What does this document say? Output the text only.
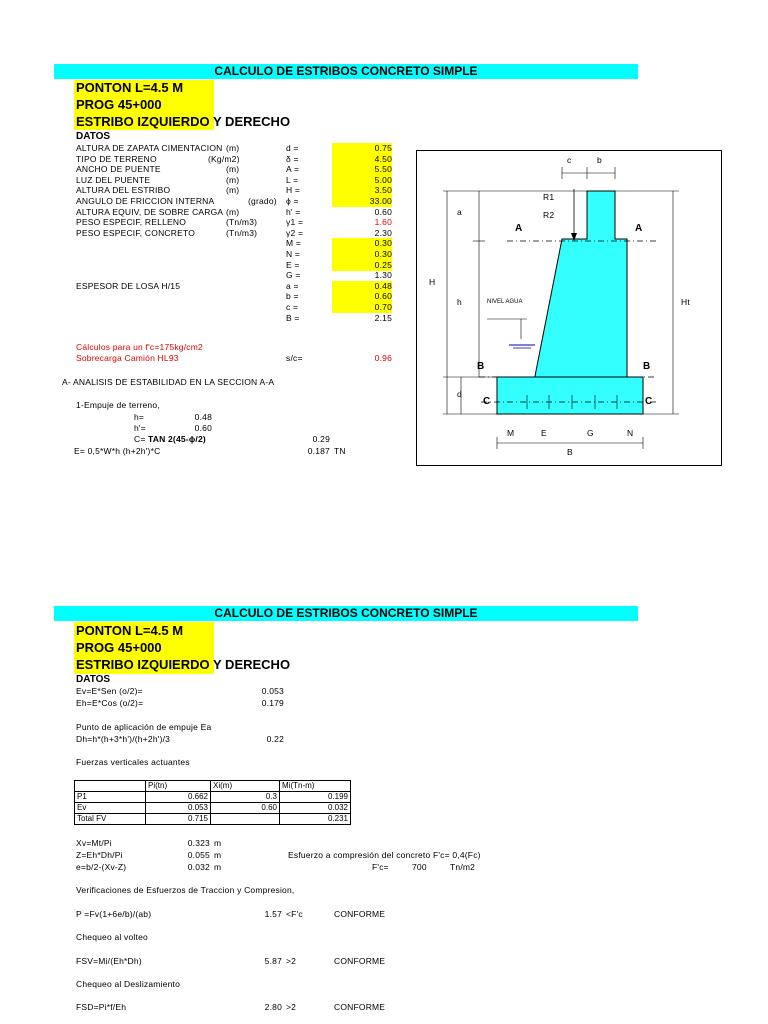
CALCULO DE ESTRIBOS CONCRETO SIMPLE
PONTON L=4.5 M
PROG 45+000
ESTRIBO IZQUIERDO Y DERECHO
DATOS
ALTURA DE ZAPATA CIMENTACION (m)	d =	0.75
TIPO DE TERRENO	(Kg/m2)	δ =	4.50
ANCHO DE PUENTE	(m)	A =	5.50
LUZ DEL PUENTE	(m)	L =	5.00
ALTURA DEL ESTRIBO	(m)	H =	3.50
ANGULO DE FRICCION INTERNA	(grado) ϕ =	33.00
ALTURA EQUIV, DE SOBRE CARGA (m)	h' =	0.60
PESO ESPECIF, RELLENO	(Tn/m3)	γ1 =	1.60
PESO ESPECIF, CONCRETO	(Tn/m3)	γ2 =	2.30
M =	0.30
N =	0.30
E =	0.25
G =	1.30
ESPESOR DE LOSA H/15	a =	0.48
b =	0.60
c =	0.70
B =	2.15
Cálculos para un f'c=175kg/cm2
Sobrecarga Camión HL93	s/c=	0.96
A- ANALISIS DE ESTABILIDAD EN LA SECCION A-A
1-Empuje de terreno,
h=	0.48
h'=	0.60
C= TAN 2(45-ϕ/2)	0.29
E= 0,5*W*h (h+2h')*C	0.187 TN
c	b
R1
R2
a
A	A
H
h	Ht
NIVEL AGUA
B	B
d
C	C
M	E	G	N
B
CALCULO DE ESTRIBOS CONCRETO SIMPLE
PONTON L=4.5 M
PROG 45+000
ESTRIBO IZQUIERDO Y DERECHO
DATOS
Ev=E*Sen (o/2)=	0.053
Eh=E*Cos (o/2)=	0.179
Punto de aplicación de empuje Ea
Dh=h*(h+3*h')/(h+2h')/3	0.22
Fuerzas verticales actuantes
	Pi(tn)	Xi(m)	Mi(Tn-m)
P1	0.662	0.3	0.199
Ev	0.053	0.60	0.032
Total FV	0.715		0.231
Xv=Mt/Pi	0.323 m
Z=Eh*Dh/Pi	0.055 m
e=b/2-(Xv-Z)	0.032 m
Esfuerzo a compresión del concreto F'c= 0,4(Fc)
F'c=	700	Tn/m2
Verificaciones de Esfuerzos de Traccion y Compresion,
P =Fv(1+6e/b)/(ab)	1.57 <F'c	CONFORME
Chequeo al volteo
FSV=Mi/(Eh*Dh)	5.87 >2	CONFORME
Chequeo al Deslizamiento
FSD=Pi*f/Eh	2.80 >2	CONFORME
